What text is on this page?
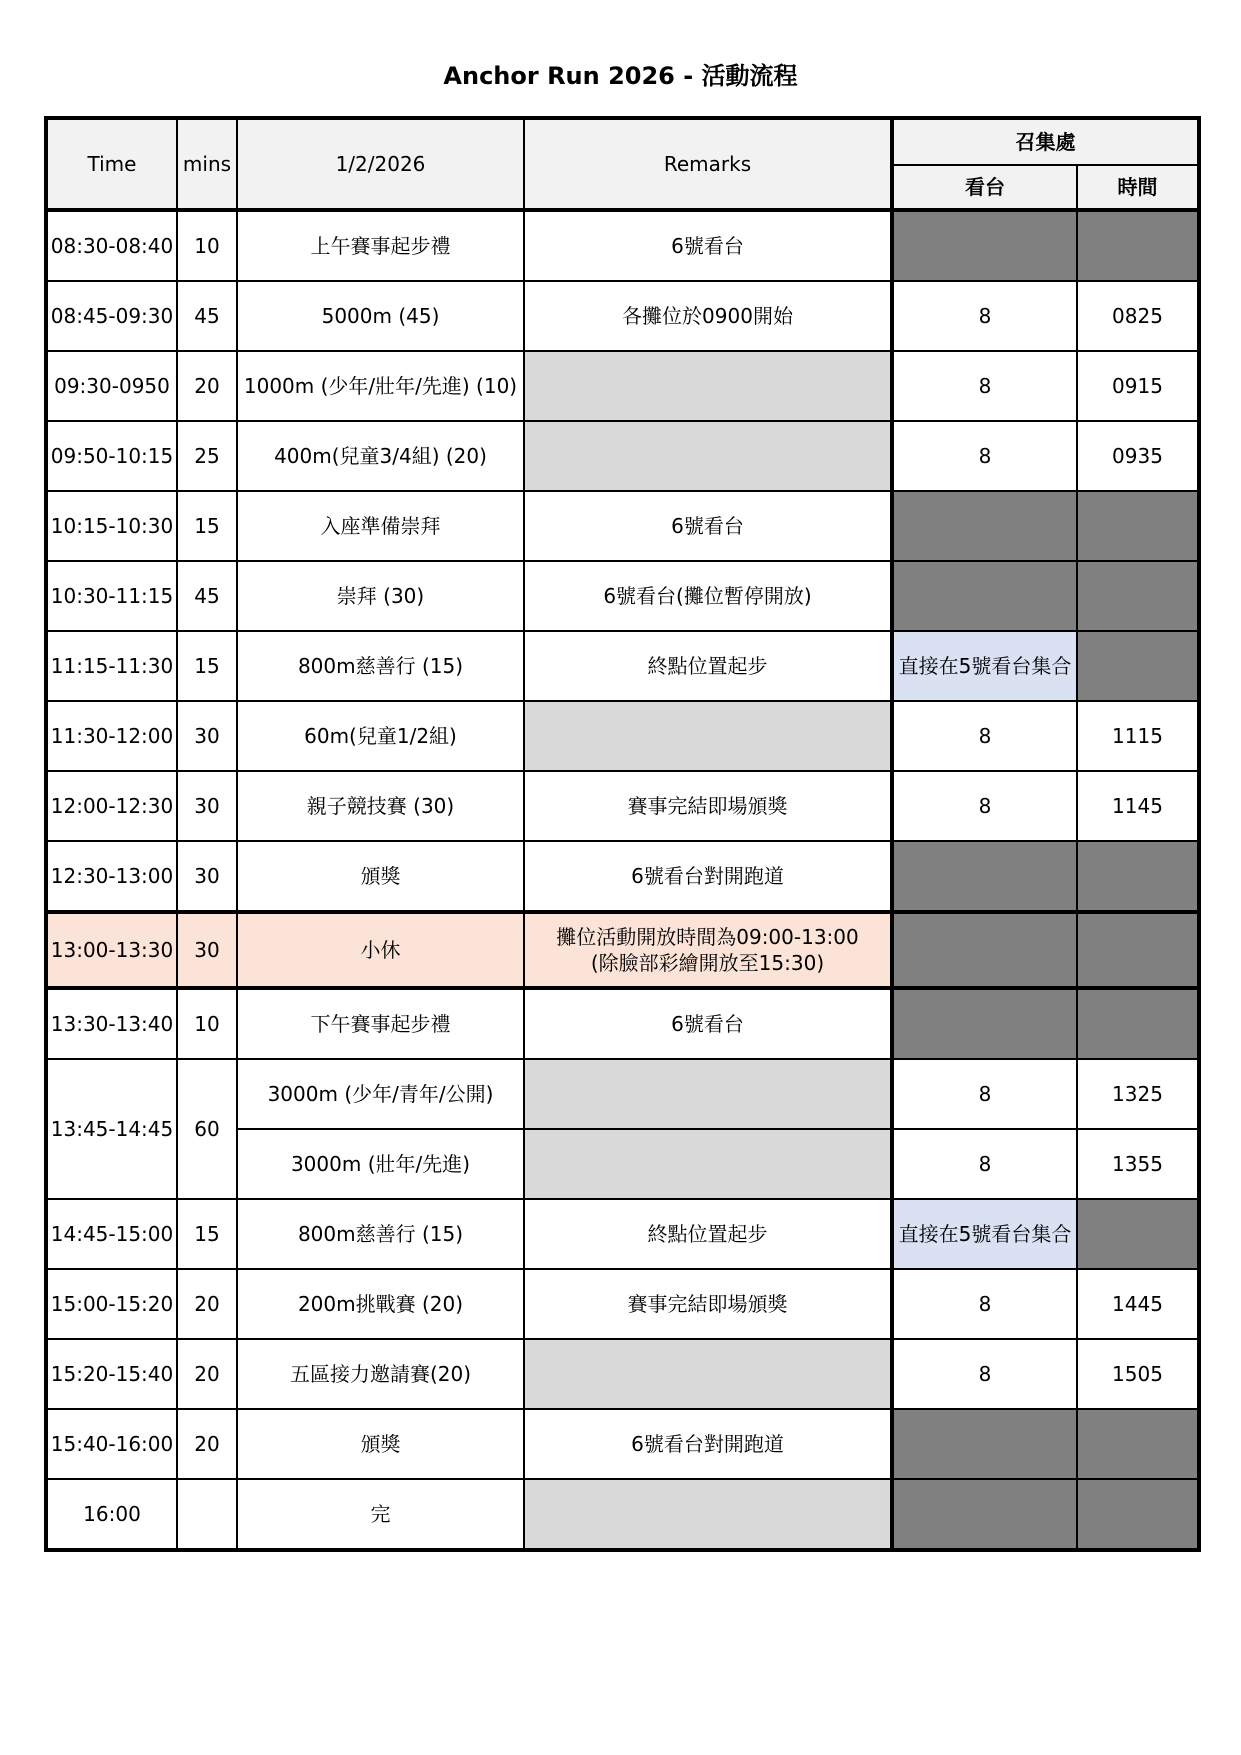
Anchor Run 2026 - 活動流程
Time	mins	1/2/2026	Remarks	召集處	
				看台	時間
08:30-08:40	10	上午賽事起步禮	6號看台		
08:45-09:30	45	5000m (45)	各攤位於0900開始	8	0825
09:30-0950	20	1000m (少年/壯年/先進) (10)		8	0915
09:50-10:15	25	400m(兒童3/4組) (20)		8	0935
10:15-10:30	15	入座準備崇拜	6號看台		
10:30-11:15	45	崇拜 (30)	6號看台(攤位暫停開放)		
11:15-11:30	15	800m慈善行 (15)	終點位置起步	直接在5號看台集合	
11:30-12:00	30	60m(兒童1/2組)		8	1115
12:00-12:30	30	親子競技賽 (30)	賽事完結即場頒獎	8	1145
12:30-13:00	30	頒獎	6號看台對開跑道		
13:00-13:30	30	小休	攤位活動開放時間為09:00-13:00
(除臉部彩繪開放至15:30)		

13:30-13:40	10	下午賽事起步禮	6號看台		
13:45-14:45	60	3000m (少年/青年/公開)		8	1325
		3000m (壯年/先進)		8	1355
14:45-15:00	15	800m慈善行 (15)	終點位置起步	直接在5號看台集合	
15:00-15:20	20	200m挑戰賽 (20)	賽事完結即場頒獎	8	1445
15:20-15:40	20	五區接力邀請賽(20)		8	1505
15:40-16:00	20	頒獎	6號看台對開跑道		
16:00		完			
